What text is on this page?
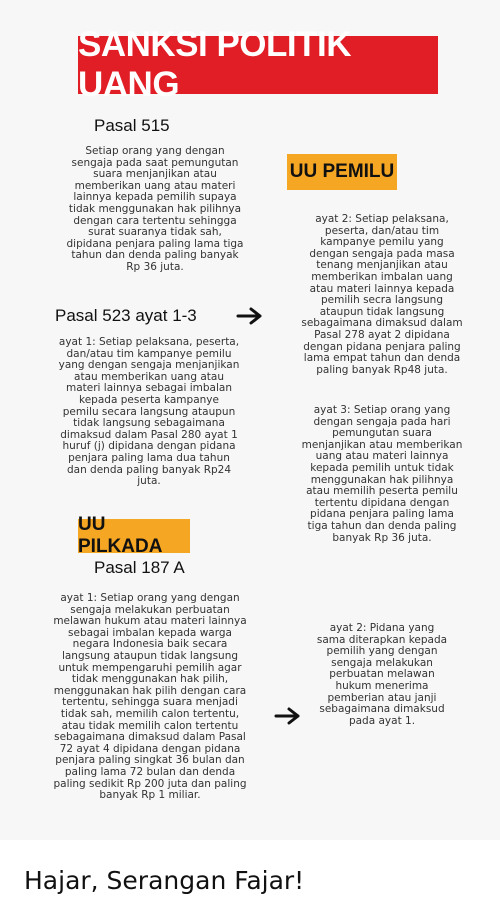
SANKSI POLITIK UANG
Pasal 515
Setiap orang yang dengan
sengaja pada saat pemungutan
suara menjanjikan atau
memberikan uang atau materi
lainnya kepada pemilih supaya
tidak menggunakan hak pilihnya
dengan cara tertentu sehingga
surat suaranya tidak sah,
dipidana penjara paling lama tiga
tahun dan denda paling banyak
Rp 36 juta.
UU PEMILU
ayat 2: Setiap pelaksana,
peserta, dan/atau tim
kampanye pemilu yang
dengan sengaja pada masa
tenang menjanjikan atau
memberikan imbalan uang
atau materi lainnya kepada
pemilih secra langsung
ataupun tidak langsung
sebagaimana dimaksud dalam
Pasal 278 ayat 2 dipidana
dengan pidana penjara paling
lama empat tahun dan denda
paling banyak Rp48 juta.
Pasal 523 ayat 1-3
ayat 1: Setiap pelaksana, peserta,
dan/atau tim kampanye pemilu
yang dengan sengaja menjanjikan
atau memberikan uang atau
materi lainnya sebagai imbalan
kepada peserta kampanye
pemilu secara langsung ataupun
tidak langsung sebagaimana
dimaksud dalam Pasal 280 ayat 1
huruf (j) dipidana dengan pidana
penjara paling lama dua tahun
dan denda paling banyak Rp24
juta.
ayat 3: Setiap orang yang
dengan sengaja pada hari
pemungutan suara
menjanjikan atau memberikan
uang atau materi lainnya
kepada pemilih untuk tidak
menggunakan hak pilihnya
atau memilih peserta pemilu
tertentu dipidana dengan
pidana penjara paling lama
tiga tahun dan denda paling
banyak Rp 36 juta.
UU PILKADA
Pasal 187 A
ayat 1: Setiap orang yang dengan
sengaja melakukan perbuatan
melawan hukum atau materi lainnya
sebagai imbalan kepada warga
negara Indonesia baik secara
langsung ataupun tidak langsung
untuk mempengaruhi pemilih agar
tidak menggunakan hak pilih,
menggunakan hak pilih dengan cara
tertentu, sehingga suara menjadi
tidak sah, memilih calon tertentu,
atau tidak memilih calon tertentu
sebagaimana dimaksud dalam Pasal
72 ayat 4 dipidana dengan pidana
penjara paling singkat 36 bulan dan
paling lama 72 bulan dan denda
paling sedikit Rp 200 juta dan paling
banyak Rp 1 miliar.
ayat 2: Pidana yang
sama diterapkan kepada
pemilih yang dengan
sengaja melakukan
perbuatan melawan
hukum menerima
pemberian atau janji
sebagaimana dimaksud
pada ayat 1.
Hajar, Serangan Fajar!
